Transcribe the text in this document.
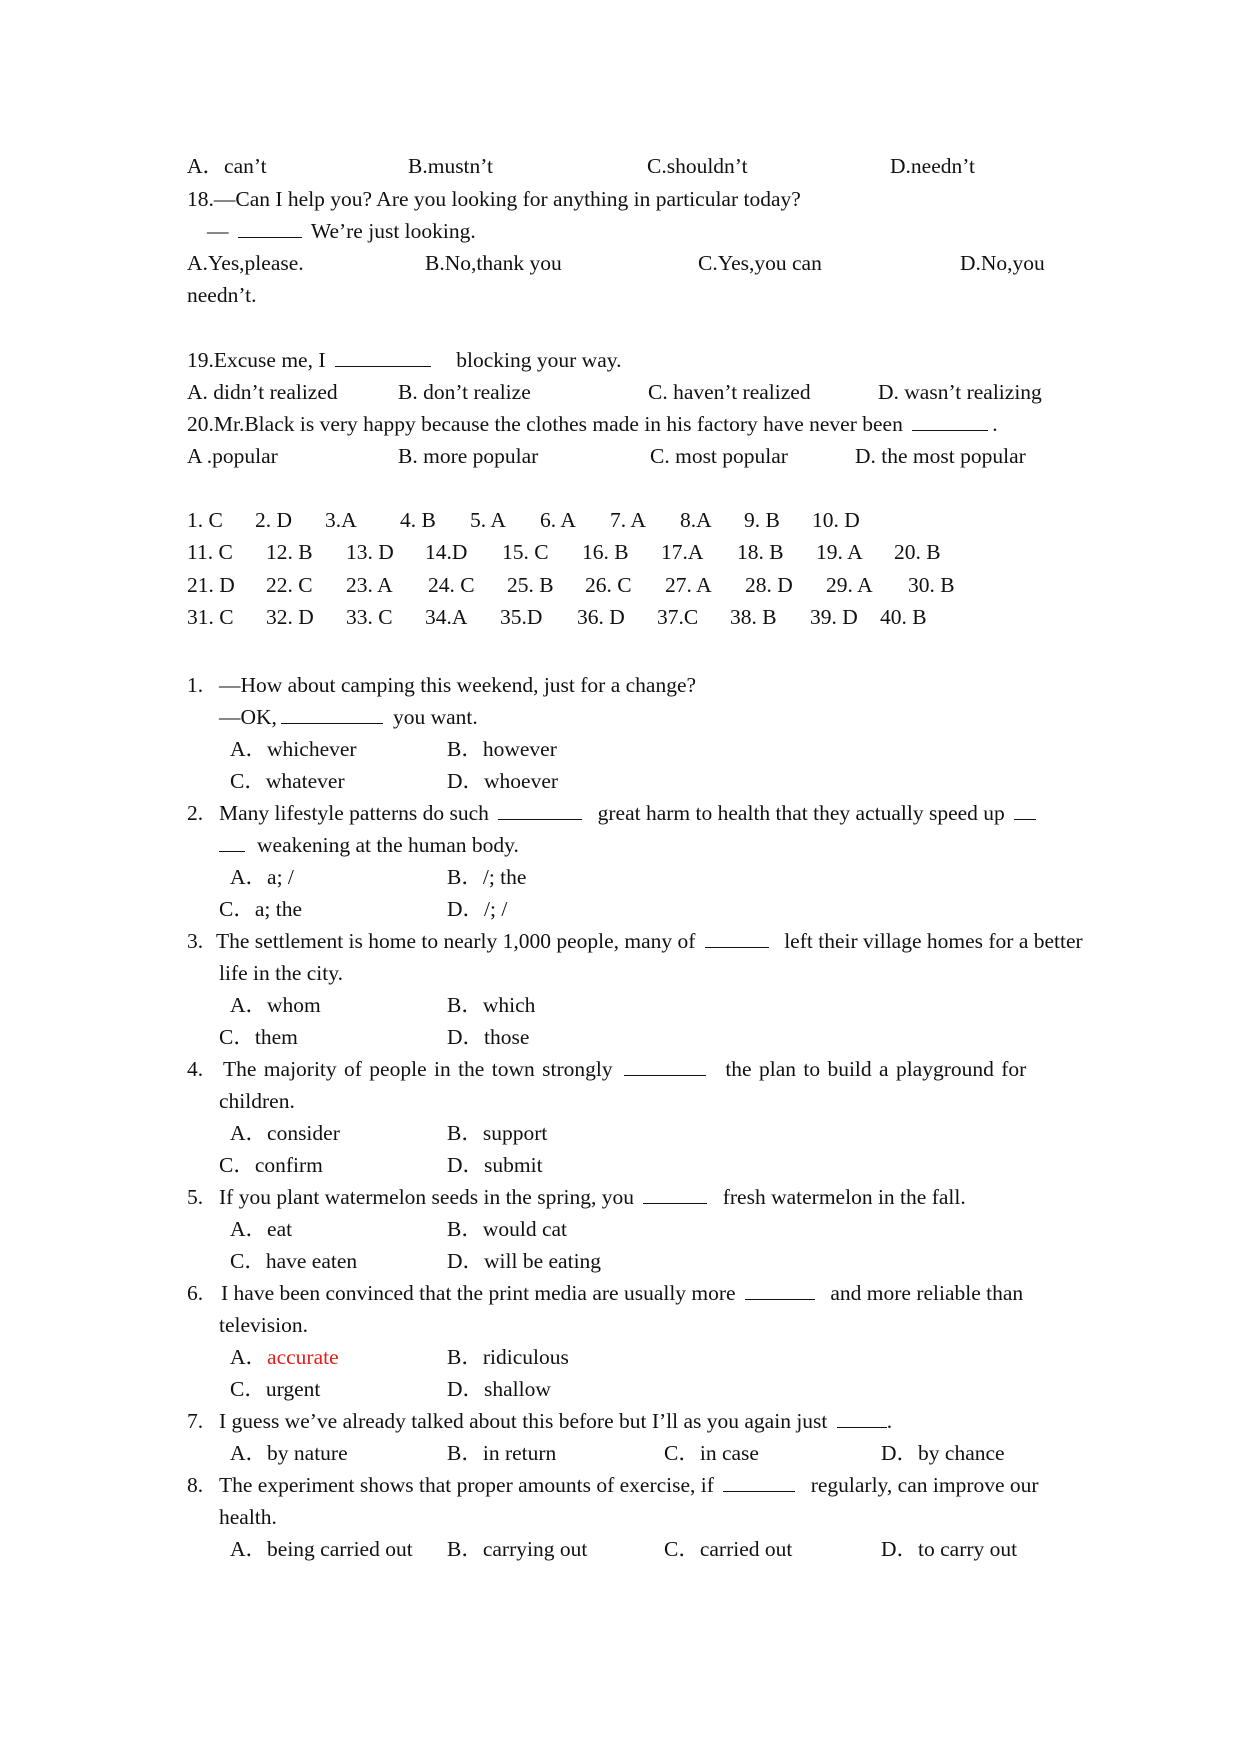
A．can’t	B.mustn’t	C.shouldn’t	D.needn’t
18.—Can I help you? Are you looking for anything in particular today?
—	We’re just looking.
A.Yes,please.	B.No,thank you	C.Yes,you can	D.No,you
needn’t.
19.Excuse me, I	blocking your way.
A. didn’t realized	B. don’t realize	C. haven’t realized	D. wasn’t realizing
20.Mr.Black is very happy because the clothes made in his factory have never been	.
A .popular	B. more popular	C. most popular	D. the most popular
1. C 2. D 3.A 4. B 5. A 6. A 7. A 8.A 9. B 10. D
11. C 12. B 13. D 14.D 15. C 16. B 17.A 18. B 19. A 20. B
21. D 22. C 23. A 24. C 25. B 26. C 27. A 28. D 29. A 30. B
31. C 32. D 33. C 34.A 35.D 36. D 37.C 38. B 39. D 40. B
1. —How about camping this weekend, just for a change?
—OK,	you want.
A．whichever	B．however
C．whatever	D．whoever
2. Many lifestyle patterns do such	great harm to health that they actually speed up
weakening at the human body.
A．a; /	B．/; the
C．a; the	D．/; /
3. The settlement is home to nearly 1,000 people, many of	left their village homes for a better
life in the city.
A．whom	B．which
C．them	D．those
4. The majority of people in the town strongly	the plan to build a playground for
children.
A．consider	B．support
C．confirm	D．submit
5. If you plant watermelon seeds in the spring, you	fresh watermelon in the fall.
A．eat	B．would cat
C．have eaten	D．will be eating
6. I have been convinced that the print media are usually more	and more reliable than
television.
A．accurate	B．ridiculous
C．urgent	D．shallow
7. I guess we’ve already talked about this before but I’ll as you again just	.
A．by nature	B．in return	C．in case	D．by chance
8. The experiment shows that proper amounts of exercise, if	regularly, can improve our
health.
A．being carried out B．carrying out	C．carried out	D．to carry out
